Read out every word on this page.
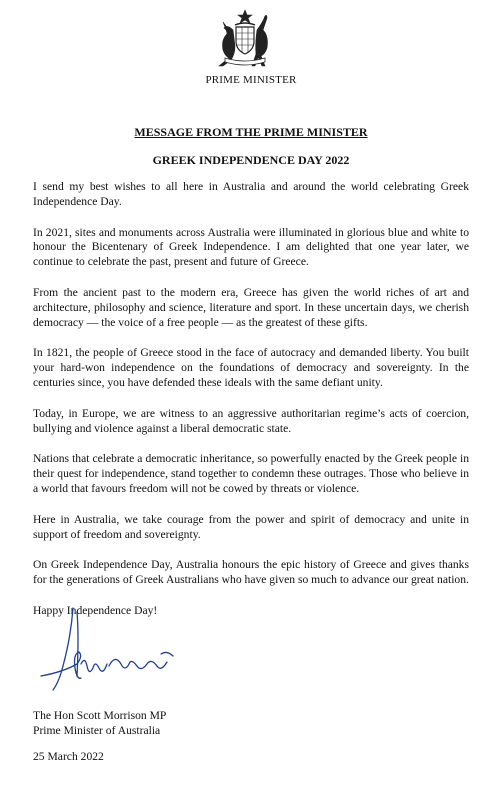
PRIME MINISTER
MESSAGE FROM THE PRIME MINISTER
GREEK INDEPENDENCE DAY 2022

I send my best wishes to all here in Australia and around the world celebrating Greek Independence Day.

In 2021, sites and monuments across Australia were illuminated in glorious blue and white to honour the Bicentenary of Greek Independence. I am delighted that one year later, we continue to celebrate the past, present and future of Greece.

From the ancient past to the modern era, Greece has given the world riches of art and architecture, philosophy and science, literature and sport. In these uncertain days, we cherish democracy — the voice of a free people — as the greatest of these gifts.

In 1821, the people of Greece stood in the face of autocracy and demanded liberty. You built your hard-won independence on the foundations of democracy and sovereignty. In the centuries since, you have defended these ideals with the same defiant unity.

Today, in Europe, we are witness to an aggressive authoritarian regime’s acts of coercion, bullying and violence against a liberal democratic state.

Nations that celebrate a democratic inheritance, so powerfully enacted by the Greek people in their quest for independence, stand together to condemn these outrages. Those who believe in a world that favours freedom will not be cowed by threats or violence.

Here in Australia, we take courage from the power and spirit of democracy and unite in support of freedom and sovereignty.

On Greek Independence Day, Australia honours the epic history of Greece and gives thanks for the generations of Greek Australians who have given so much to advance our great nation.

Happy Independence Day!

The Hon Scott Morrison MP
Prime Minister of Australia
25 March 2022
